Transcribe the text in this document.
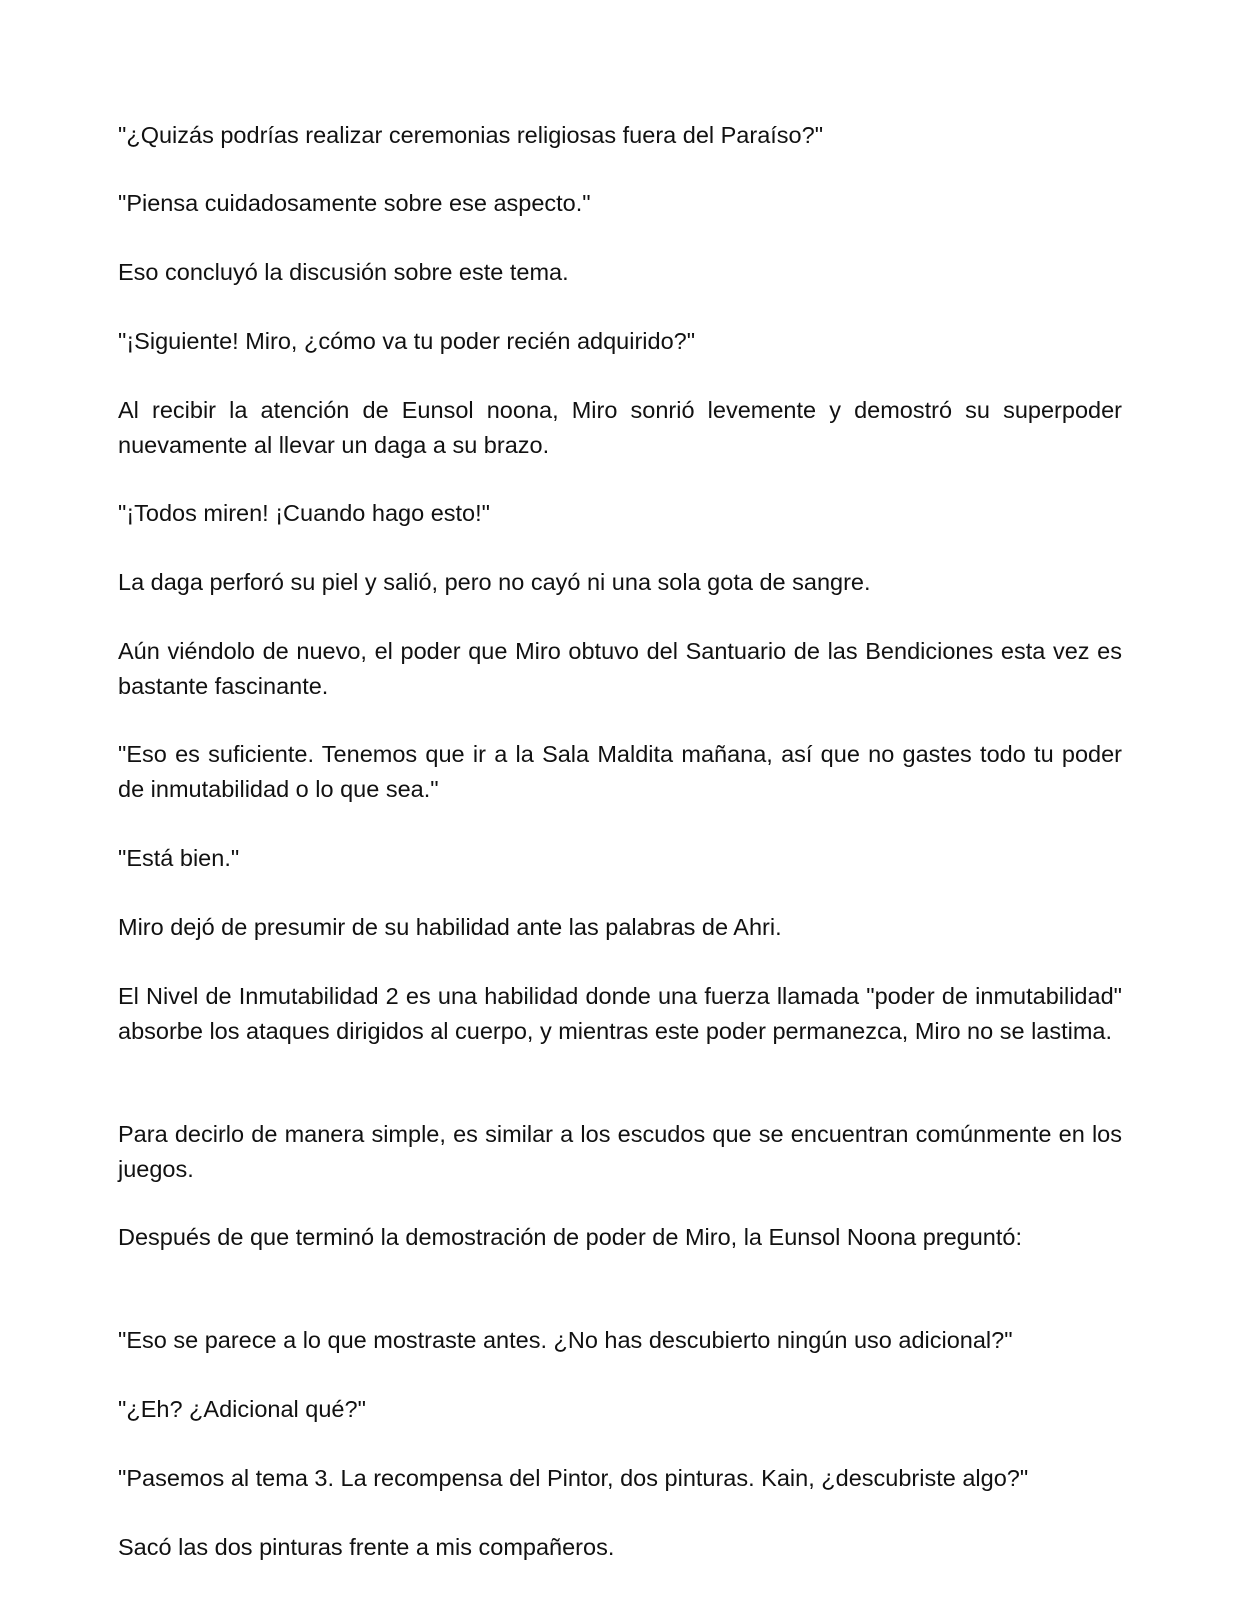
"¿Quizás podrías realizar ceremonias religiosas fuera del Paraíso?"

"Piensa cuidadosamente sobre ese aspecto."

Eso concluyó la discusión sobre este tema.

"¡Siguiente! Miro, ¿cómo va tu poder recién adquirido?"

Al recibir la atención de Eunsol noona, Miro sonrió levemente y demostró su superpoder nuevamente al llevar un daga a su brazo.

"¡Todos miren! ¡Cuando hago esto!"

La daga perforó su piel y salió, pero no cayó ni una sola gota de sangre.

Aún viéndolo de nuevo, el poder que Miro obtuvo del Santuario de las Bendiciones esta vez es bastante fascinante.

"Eso es suficiente. Tenemos que ir a la Sala Maldita mañana, así que no gastes todo tu poder de inmutabilidad o lo que sea."

"Está bien."

Miro dejó de presumir de su habilidad ante las palabras de Ahri.

El Nivel de Inmutabilidad 2 es una habilidad donde una fuerza llamada "poder de inmutabilidad" absorbe los ataques dirigidos al cuerpo, y mientras este poder permanezca, Miro no se lastima.

Para decirlo de manera simple, es similar a los escudos que se encuentran comúnmente en los juegos.

Después de que terminó la demostración de poder de Miro, la Eunsol Noona preguntó:

"Eso se parece a lo que mostraste antes. ¿No has descubierto ningún uso adicional?"

"¿Eh? ¿Adicional qué?"

"Pasemos al tema 3. La recompensa del Pintor, dos pinturas. Kain, ¿descubriste algo?"

Sacó las dos pinturas frente a mis compañeros.
